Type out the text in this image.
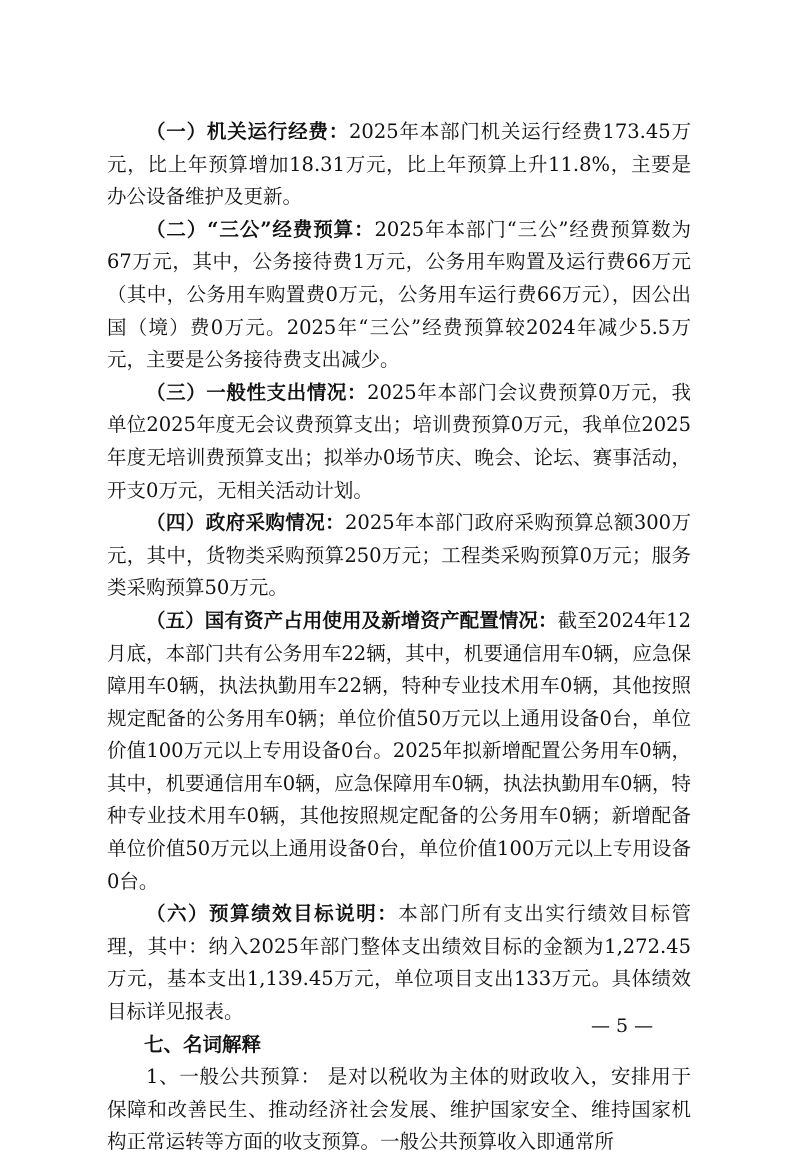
（一）机关运行经费：2025年本部门机关运行经费173.45万元，比上年预算增加18.31万元，比上年预算上升11.8%，主要是办公设备维护及更新。

（二）“三公”经费预算：2025年本部门“三公”经费预算数为67万元，其中，公务接待费1万元，公务用车购置及运行费66万元（其中，公务用车购置费0万元，公务用车运行费66万元），因公出国（境）费0万元。2025年“三公”经费预算较2024年减少5.5万元，主要是公务接待费支出减少。

（三）一般性支出情况：2025年本部门会议费预算0万元，我单位2025年度无会议费预算支出；培训费预算0万元，我单位2025年度无培训费预算支出；拟举办0场节庆、晚会、论坛、赛事活动，开支0万元，无相关活动计划。

（四）政府采购情况：2025年本部门政府采购预算总额300万元，其中，货物类采购预算250万元；工程类采购预算0万元；服务类采购预算50万元。

（五）国有资产占用使用及新增资产配置情况：截至2024年12月底，本部门共有公务用车22辆，其中，机要通信用车0辆，应急保障用车0辆，执法执勤用车22辆，特种专业技术用车0辆，其他按照规定配备的公务用车0辆；单位价值50万元以上通用设备0台，单位价值100万元以上专用设备0台。2025年拟新增配置公务用车0辆，其中，机要通信用车0辆，应急保障用车0辆，执法执勤用车0辆，特种专业技术用车0辆，其他按照规定配备的公务用车0辆；新增配备单位价值50万元以上通用设备0台，单位价值100万元以上专用设备0台。

（六）预算绩效目标说明：本部门所有支出实行绩效目标管理，其中：纳入2025年部门整体支出绩效目标的金额为1,272.45万元，基本支出1,139.45万元，单位项目支出133万元。具体绩效目标详见报表。

七、名词解释

1、一般公共预算： 是对以税收为主体的财政收入，安排用于保障和改善民生、推动经济社会发展、维护国家安全、维持国家机构正常运转等方面的收支预算。一般公共预算收入即通常所

— 5 —
